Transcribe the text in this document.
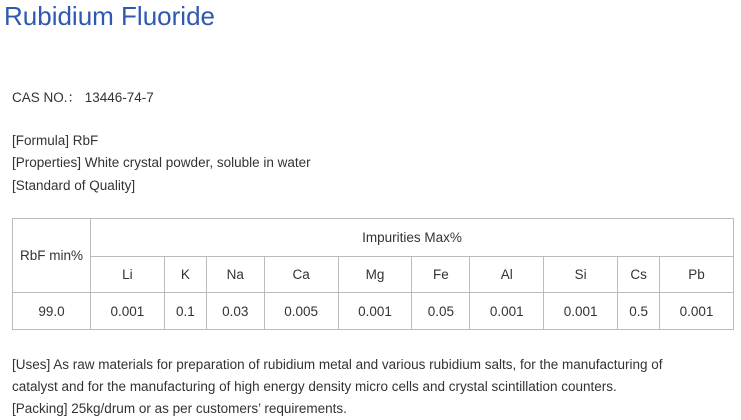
Rubidium Fluoride
CAS NO.： 13446-74-7
[Formula] RbF
[Properties] White crystal powder, soluble in water
[Standard of Quality]
RbF min%	Impurities Max%									
	Li	K	Na	Ca	Mg	Fe	Al	Si	Cs	Pb
99.0	0.001	0.1	0.03	0.005	0.001	0.05	0.001	0.001	0.5	0.001
[Uses] As raw materials for preparation of rubidium metal and various rubidium salts, for the manufacturing of
catalyst and for the manufacturing of high energy density micro cells and crystal scintillation counters.
[Packing] 25kg/drum or as per customers’ requirements.
